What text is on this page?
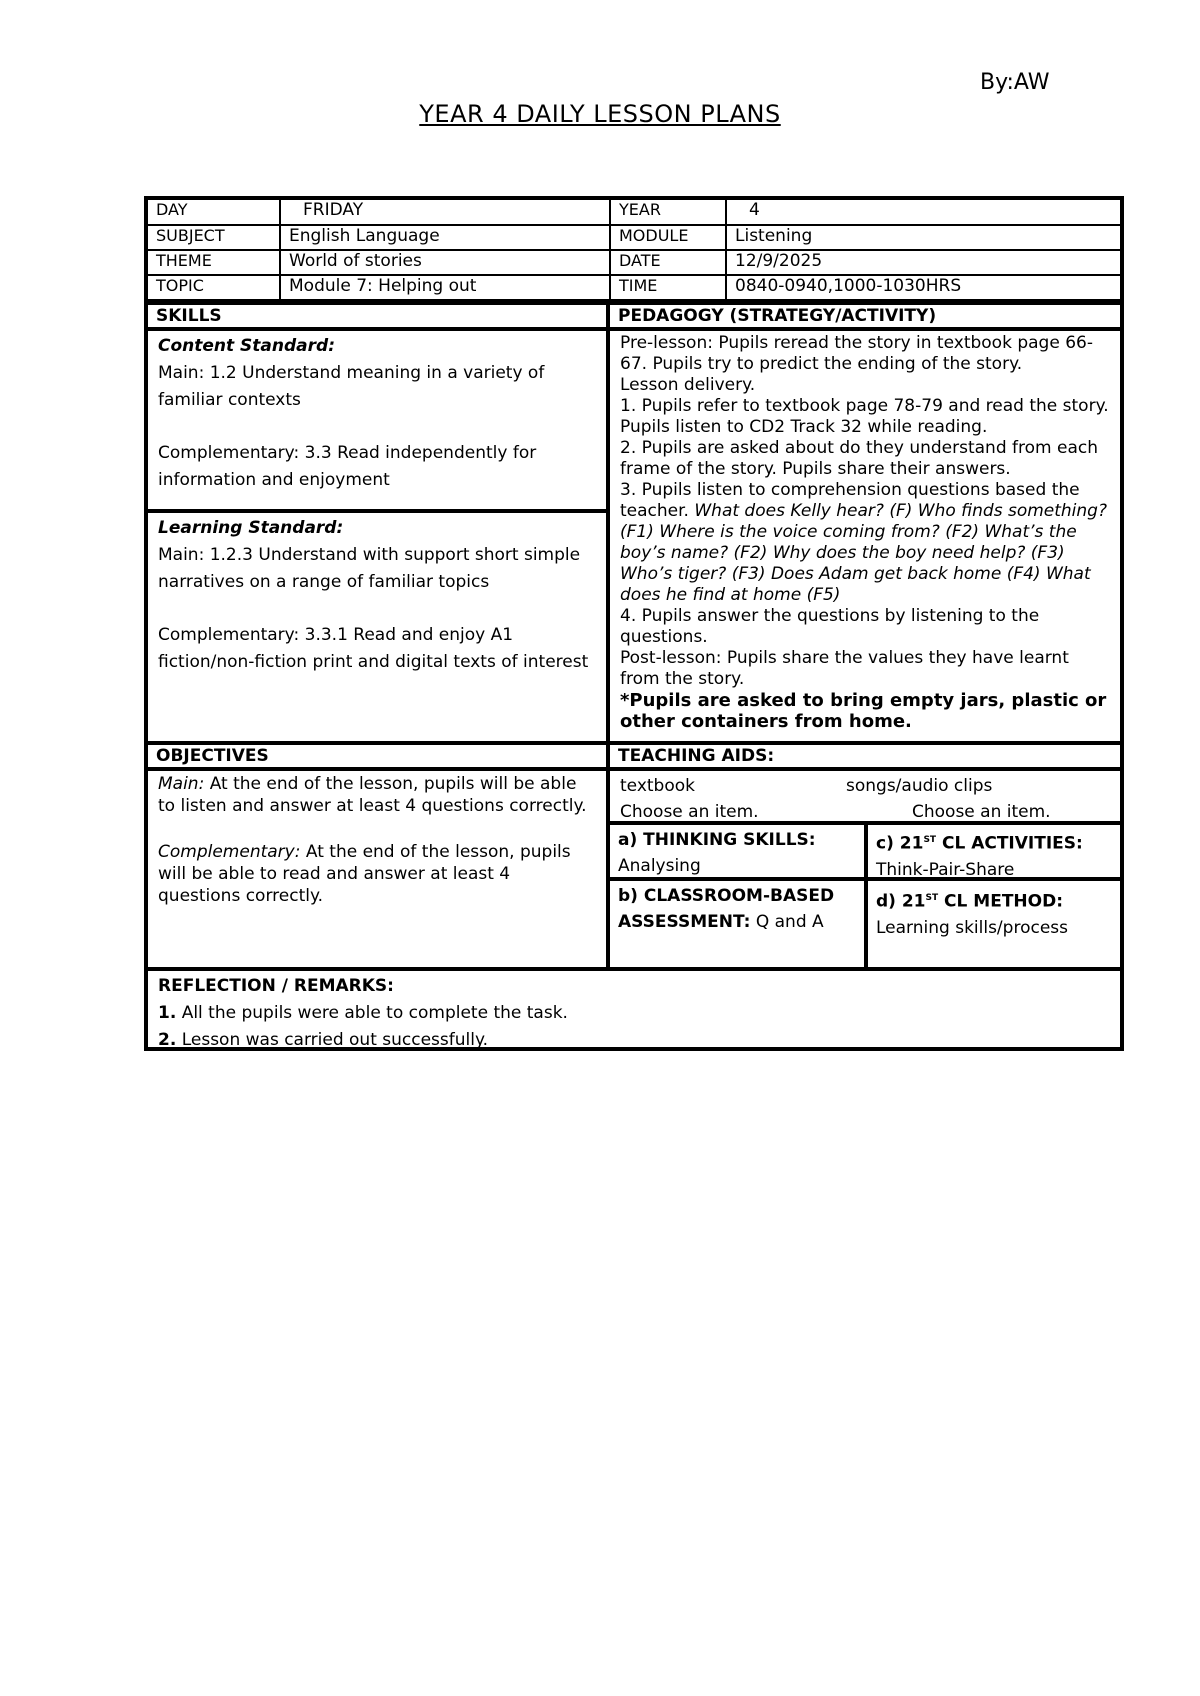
By:AW
YEAR 4 DAILY LESSON PLANS
DAY	FRIDAY	YEAR	4
SUBJECT	English Language	MODULE	Listening
THEME	World of stories	DATE	12/9/2025
TOPIC	Module 7: Helping out	TIME	0840-0940,1000-1030HRS
SKILLS	PEDAGOGY (STRATEGY/ACTIVITY)
Content Standard:
Main: 1.2 Understand meaning in a variety of familiar contexts
Complementary: 3.3 Read independently for information and enjoyment
Learning Standard:
Main: 1.2.3 Understand with support short simple narratives on a range of familiar topics
Complementary: 3.3.1 Read and enjoy A1 fiction/non-fiction print and digital texts of interest
Pre-lesson: Pupils reread the story in textbook page 66-67. Pupils try to predict the ending of the story.
Lesson delivery.
1. Pupils refer to textbook page 78-79 and read the story. Pupils listen to CD2 Track 32 while reading.
2. Pupils are asked about do they understand from each frame of the story. Pupils share their answers.
3. Pupils listen to comprehension questions based the teacher. What does Kelly hear? (F) Who finds something? (F1) Where is the voice coming from? (F2) What’s the boy’s name? (F2) Why does the boy need help? (F3) Who’s tiger? (F3) Does Adam get back home (F4) What does he find at home (F5)
4. Pupils answer the questions by listening to the questions.
Post-lesson: Pupils share the values they have learnt from the story.
*Pupils are asked to bring empty jars, plastic or other containers from home.
OBJECTIVES	TEACHING AIDS:
Main: At the end of the lesson, pupils will be able to listen and answer at least 4 questions correctly.
Complementary: At the end of the lesson, pupils will be able to read and answer at least 4 questions correctly.
textbook	songs/audio clips
Choose an item.	Choose an item.
a) THINKING SKILLS:
Analysing
c) 21ST CL ACTIVITIES:
Think-Pair-Share
b) CLASSROOM-BASED ASSESSMENT: Q and A
d) 21ST CL METHOD:
Learning skills/process
REFLECTION / REMARKS:
1. All the pupils were able to complete the task.
2. Lesson was carried out successfully.
